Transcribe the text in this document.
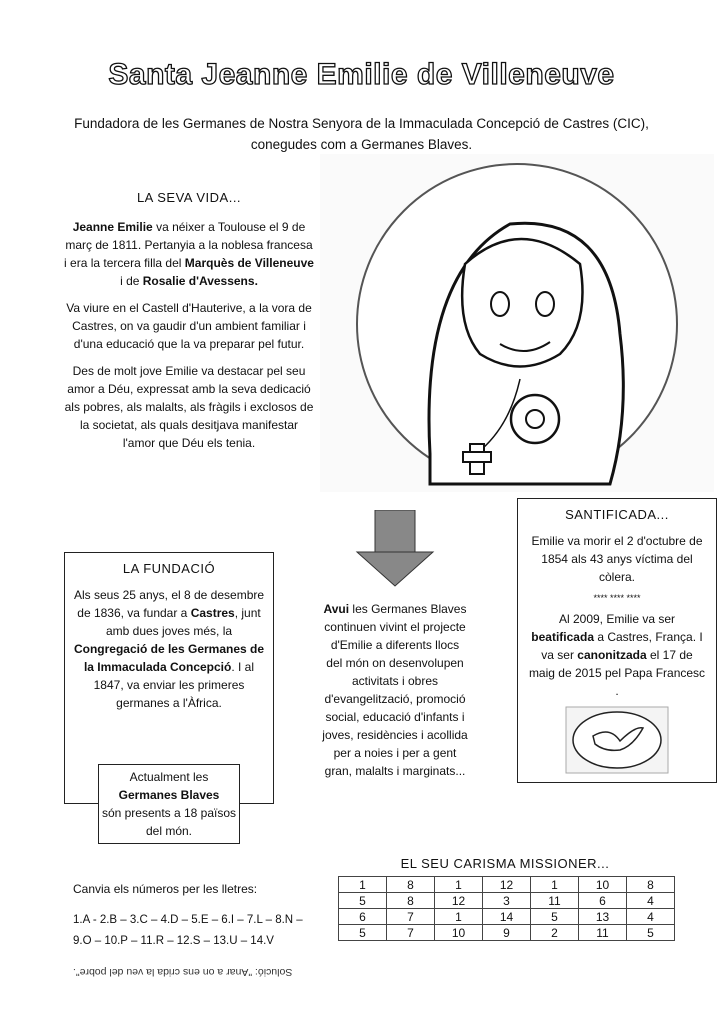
Santa Jeanne Emilie de Villeneuve
Fundadora de les Germanes de Nostra Senyora de la Immaculada Concepció de Castres (CIC),
conegudes com a Germanes Blaves.
LA SEVA VIDA...

Jeanne Emilie va néixer a Toulouse el 9 de març de 1811. Pertanyia a la noblesa francesa i era la tercera filla del Marquès de Villeneuve i de Rosalie d'Avessens.

Va viure en el Castell d'Hauterive, a la vora de Castres, on va gaudir d'un ambient familiar i d'una educació que la va preparar pel futur.

Des de molt jove Emilie va destacar pel seu amor a Déu, expressat amb la seva dedicació als pobres, als malalts, als fràgils i exclosos de la societat, als quals desitjava manifestar l'amor que Déu els tenia.

LA FUNDACIÓ
Als seus 25 anys, el 8 de desembre de 1836, va fundar a Castres, junt amb dues joves més, la Congregació de les Germanes de la Immaculada Concepció. I al 1847, va enviar les primeres germanes a l'Àfrica.
Actualment les Germanes Blaves
són presents a 18 països del món.
Avui les Germanes Blaves continuen vivint el projecte d'Emilie a diferents llocs del món on desenvolupen activitats i obres d'evangelització, promoció social, educació d'infants i joves, residències i acollida per a noies i per a gent gran, malalts i marginats...
SANTIFICADA...
Emilie va morir el 2 d'octubre de 1854 als 43 anys víctima del còlera.
**** **** ****
Al 2009, Emilie va ser beatificada a Castres, França. I va ser canonitzada el 17 de maig de 2015 pel Papa Francesc .
EL SEU CARISMA MISSIONER...
1	8	1	12	1	10	8
5	8	12	3	11	6	4
6	7	1	14	5	13	4
5	7	10	9	2	11	5
Canvia els números per les lletres:
1.A - 2.B – 3.C – 4.D – 5.E – 6.I – 7.L – 8.N –
9.O – 10.P – 11.R – 12.S – 13.U – 14.V
Solució: "Anar a on ens crida la veu del pobre".
